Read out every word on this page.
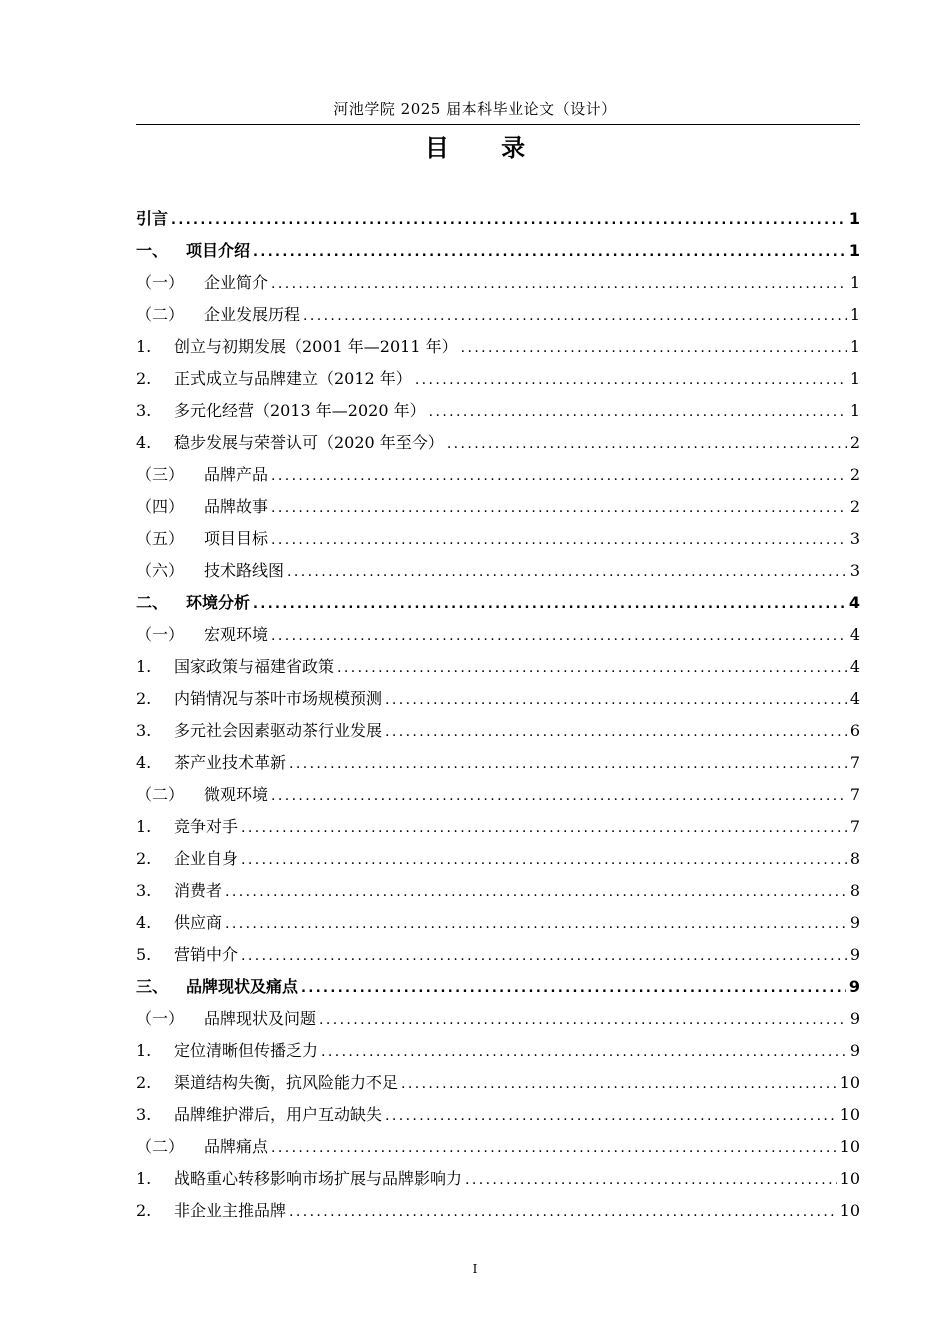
河池学院 2025 届本科毕业论文（设计）
目 录
引言 .....	1
一、	项目介绍 .....	1
（一）	企业简介 .....	1
（二）	企业发展历程 .....	1
1.	创立与初期发展（2001 年—2011 年） .....	1
2.	正式成立与品牌建立（2012 年） .....	1
3.	多元化经营（2013 年—2020 年） .....	1
4.	稳步发展与荣誉认可（2020 年至今） .....	2
（三）	品牌产品 .....	2
（四）	品牌故事 .....	2
（五）	项目目标 .....	3
（六）	技术路线图 .....	3
二、	环境分析 .....	4
（一）	宏观环境 .....	4
1.	国家政策与福建省政策 .....	4
2.	内销情况与茶叶市场规模预测 .....	4
3.	多元社会因素驱动茶行业发展 .....	6
4.	茶产业技术革新 .....	7
（二）	微观环境 .....	7
1.	竞争对手 .....	7
2.	企业自身 .....	8
3.	消费者 .....	8
4.	供应商 .....	9
5.	营销中介 .....	9
三、	品牌现状及痛点 .....	9
（一）	品牌现状及问题 .....	9
1.	定位清晰但传播乏力 .....	9
2.	渠道结构失衡，抗风险能力不足 .....	10
3.	品牌维护滞后，用户互动缺失 .....	10
（二）	品牌痛点 .....	10
1.	战略重心转移影响市场扩展与品牌影响力 .....	10
2.	非企业主推品牌 .....	10
I
